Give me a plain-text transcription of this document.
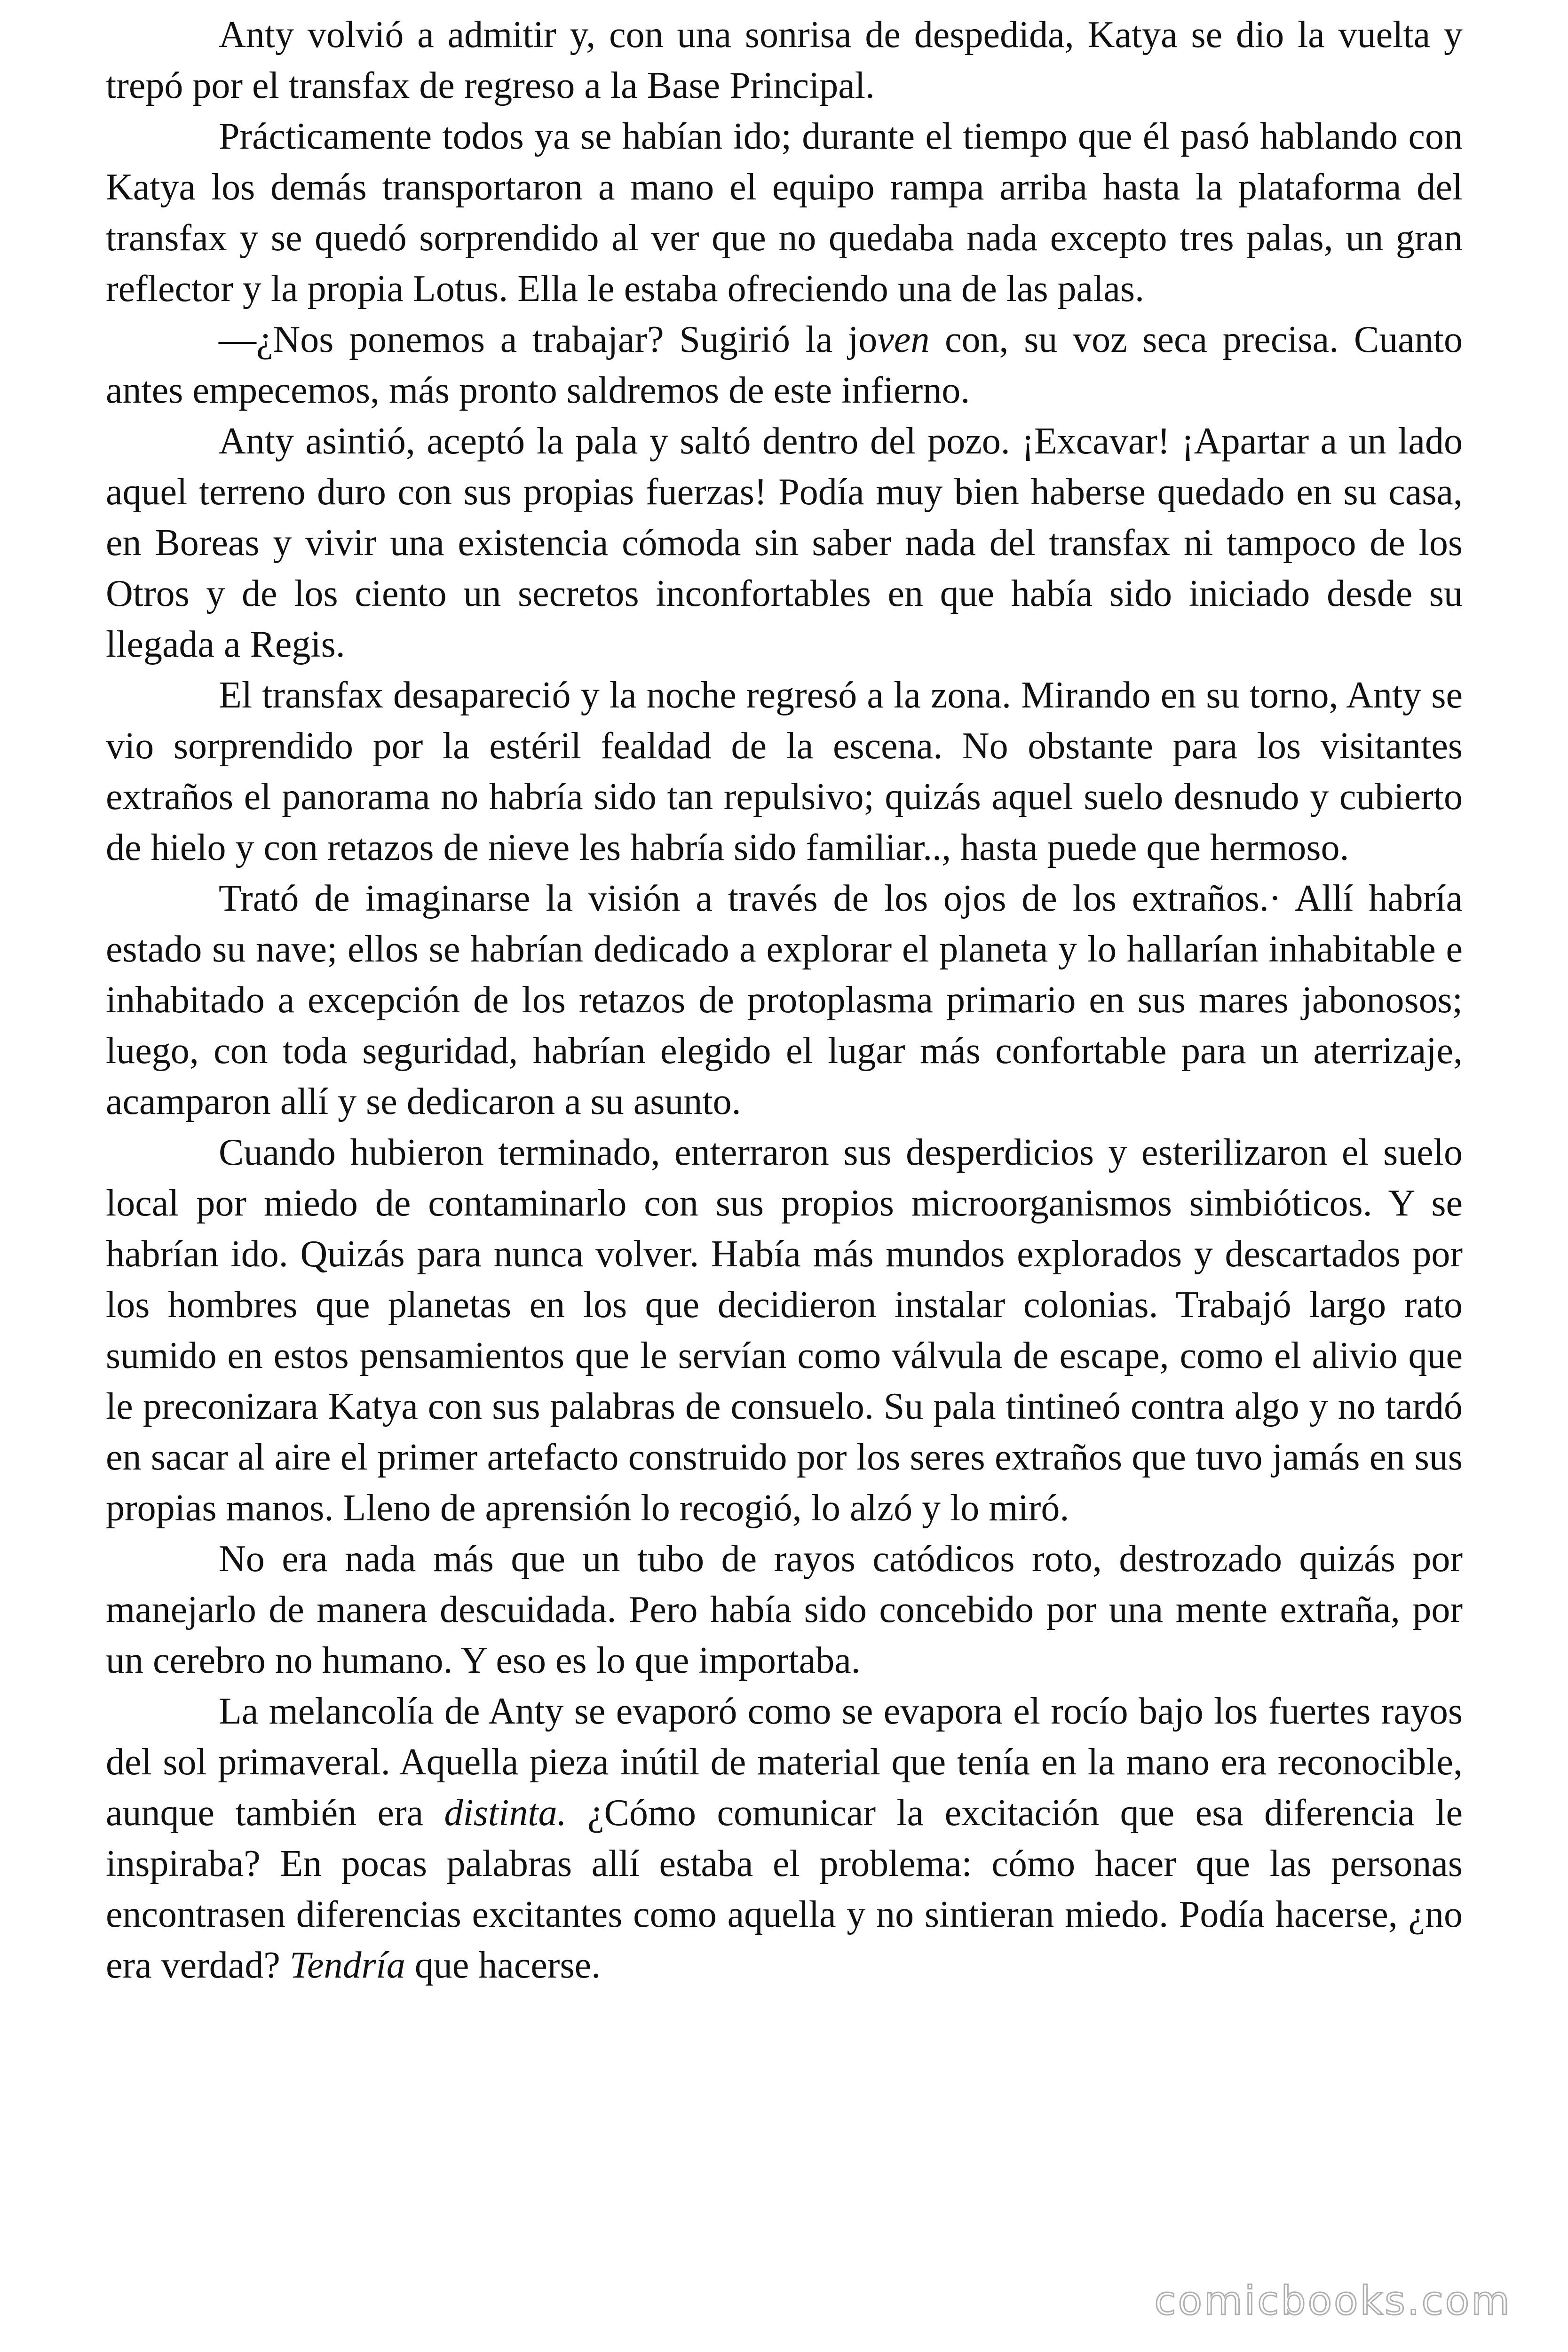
Anty volvió a admitir y, con una sonrisa de despedida, Katya se dio la vuelta y trepó por el transfax de regreso a la Base Principal.

Prácticamente todos ya se habían ido; durante el tiempo que él pasó hablando con Katya los demás transportaron a mano el equipo rampa arriba hasta la plataforma del transfax y se quedó sorprendido al ver que no quedaba nada excepto tres palas, un gran reflector y la propia Lotus. Ella le estaba ofreciendo una de las palas.

—¿Nos ponemos a trabajar? Sugirió la joven con, su voz seca precisa. Cuanto antes empecemos, más pronto saldremos de este infierno.

Anty asintió, aceptó la pala y saltó dentro del pozo. ¡Excavar! ¡Apartar a un lado aquel terreno duro con sus propias fuerzas! Podía muy bien haberse quedado en su casa, en Boreas y vivir una existencia cómoda sin saber nada del transfax ni tampoco de los Otros y de los ciento un secretos inconfortables en que había sido iniciado desde su llegada a Regis.

El transfax desapareció y la noche regresó a la zona. Mirando en su torno, Anty se vio sorprendido por la estéril fealdad de la escena. No obstante para los visitantes extraños el panorama no habría sido tan repulsivo; quizás aquel suelo desnudo y cubierto de hielo y con retazos de nieve les habría sido familiar.., hasta puede que hermoso.

Trató de imaginarse la visión a través de los ojos de los extraños.· Allí habría estado su nave; ellos se habrían dedicado a explorar el planeta y lo hallarían inhabitable e inhabitado a excepción de los retazos de protoplasma primario en sus mares jabonosos; luego, con toda seguridad, habrían elegido el lugar más confortable para un aterrizaje, acamparon allí y se dedicaron a su asunto.

Cuando hubieron terminado, enterraron sus desperdicios y esterilizaron el suelo local por miedo de contaminarlo con sus propios microorganismos simbióticos. Y se habrían ido. Quizás para nunca volver. Había más mundos explorados y descartados por los hombres que planetas en los que decidieron instalar colonias. Trabajó largo rato sumido en estos pensamientos que le servían como válvula de escape, como el alivio que le preconizara Katya con sus palabras de consuelo. Su pala tintineó contra algo y no tardó en sacar al aire el primer artefacto construido por los seres extraños que tuvo jamás en sus propias manos. Lleno de aprensión lo recogió, lo alzó y lo miró.

No era nada más que un tubo de rayos catódicos roto, destrozado quizás por manejarlo de manera descuidada. Pero había sido concebido por una mente extraña, por un cerebro no humano. Y eso es lo que importaba.

La melancolía de Anty se evaporó como se evapora el rocío bajo los fuertes rayos del sol primaveral. Aquella pieza inútil de material que tenía en la mano era reconocible, aunque también era distinta. ¿Cómo comunicar la excitación que esa diferencia le inspiraba? En pocas palabras allí estaba el problema: cómo hacer que las personas encontrasen diferencias excitantes como aquella y no sintieran miedo. Podía hacerse, ¿no era verdad? Tendría que hacerse.

comicbooks.com
